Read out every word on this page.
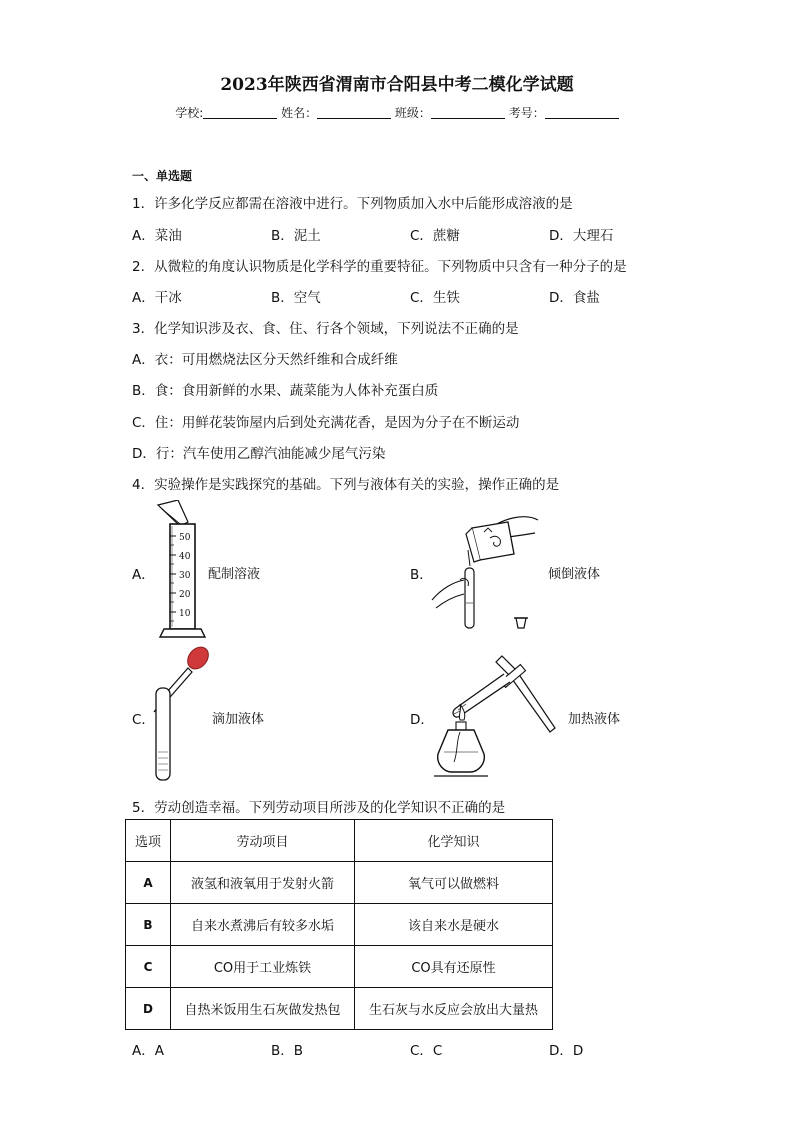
2023年陕西省渭南市合阳县中考二模化学试题
学校:	姓名：	班级：	考号：
一、单选题
1．许多化学反应都需在溶液中进行。下列物质加入水中后能形成溶液的是
A．菜油	B．泥土	C．蔗糖	D．大理石
2．从微粒的角度认识物质是化学科学的重要特征。下列物质中只含有一种分子的是
A．干冰	B．空气	C．生铁	D．食盐
3．化学知识涉及衣、食、住、行各个领域，下列说法不正确的是
A．衣：可用燃烧法区分天然纤维和合成纤维
B．食：食用新鲜的水果、蔬菜能为人体补充蛋白质
C．住：用鲜花装饰屋内后到处充满花香，是因为分子在不断运动
D．行：汽车使用乙醇汽油能减少尾气污染
4．实验操作是实践探究的基础。下列与液体有关的实验，操作正确的是
A．
50
40
30
20
10
配制溶液	B．	倾倒液体
C．	滴加液体	D．	加热液体
5．劳动创造幸福。下列劳动项目所涉及的化学知识不正确的是
选项	劳动项目	化学知识
A	液氢和液氧用于发射火箭	氧气可以做燃料
B	自来水煮沸后有较多水垢	该自来水是硬水
C	CO用于工业炼铁	CO具有还原性
D	自热米饭用生石灰做发热包	生石灰与水反应会放出大量热
A．A	B．B	C．C	D．D
